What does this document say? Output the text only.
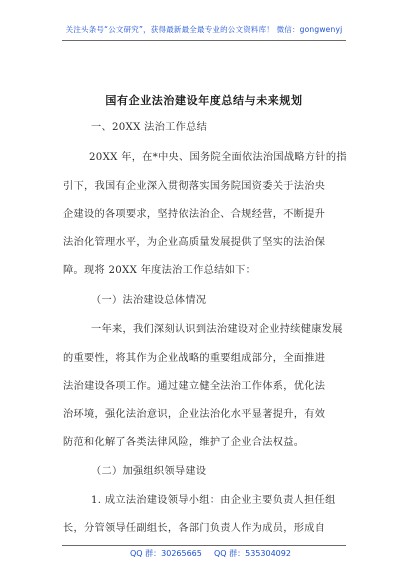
关注头条号“公文研究”，获得最新最全最专业的公文资料库！ 微信：gongwenyj
国有企业法治建设年度总结与未来规划
一、20XX 法治工作总结
20XX 年，在*中央、国务院全面依法治国战略方针的指
引下，我国有企业深入贯彻落实国务院国资委关于法治央
企建设的各项要求，坚持依法治企、合规经营，不断提升
法治化管理水平，为企业高质量发展提供了坚实的法治保
障。现将 20XX 年度法治工作总结如下：
（一）法治建设总体情况
一年来，我们深刻认识到法治建设对企业持续健康发展
的重要性，将其作为企业战略的重要组成部分，全面推进
法治建设各项工作。通过建立健全法治工作体系，优化法
治环境，强化法治意识，企业法治化水平显著提升，有效
防范和化解了各类法律风险，维护了企业合法权益。
（二）加强组织领导建设
1. 成立法治建设领导小组：由企业主要负责人担任组
长，分管领导任副组长，各部门负责人作为成员，形成自
QQ 群：30265665 QQ 群：535304092
